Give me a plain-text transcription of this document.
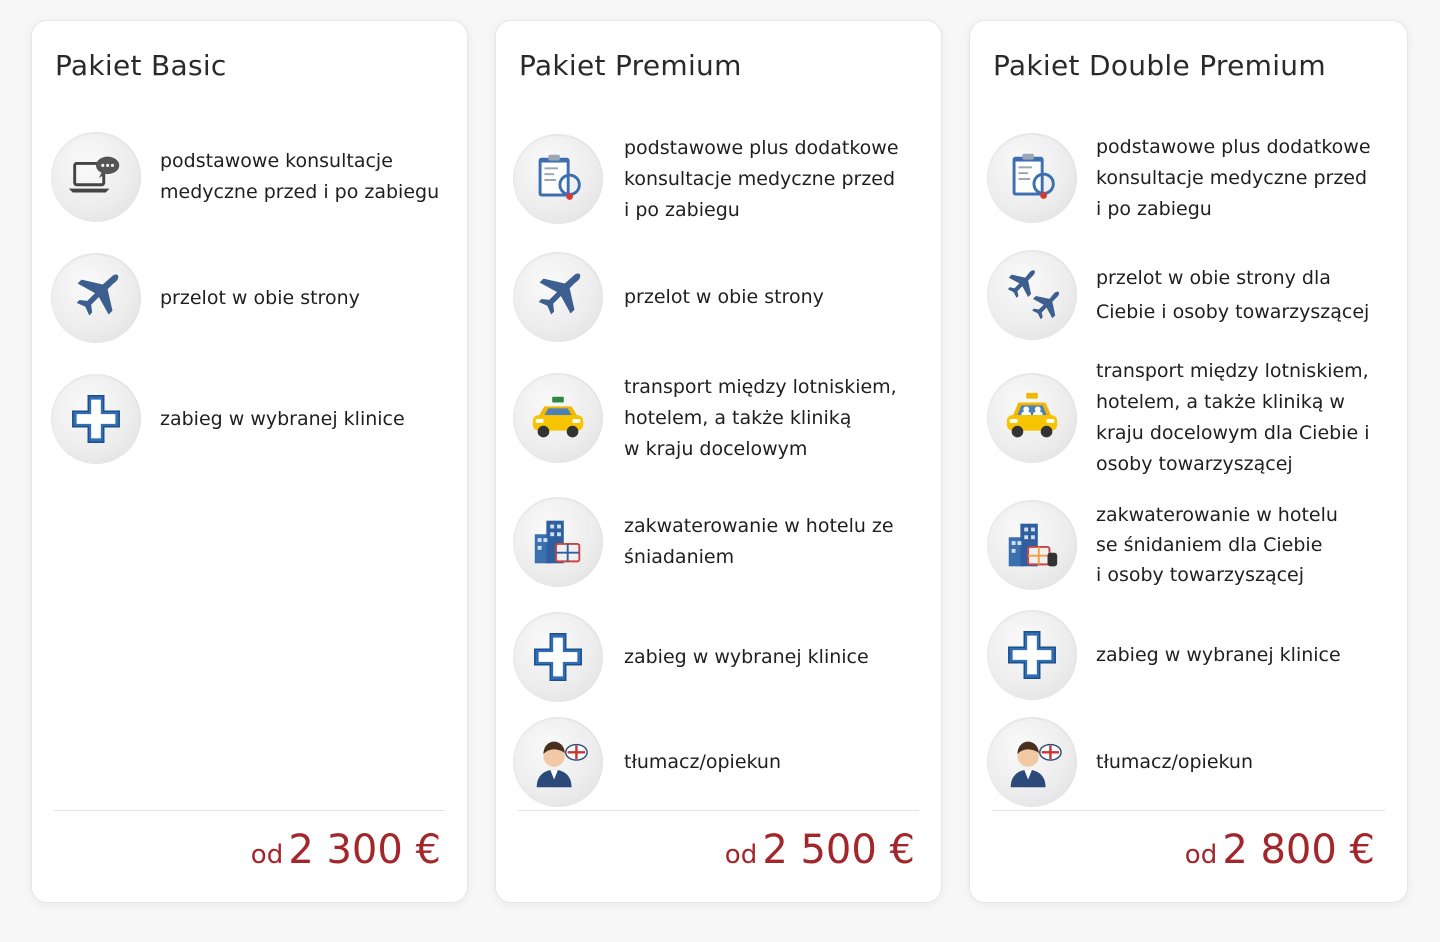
Pakiet Basic
podstawowe konsultacje
medyczne przed i po zabiegu
przelot w obie strony
zabieg w wybranej klinice
od 2 300 €
Pakiet Premium
podstawowe plus dodatkowe
konsultacje medyczne przed
i po zabiegu
przelot w obie strony
transport między lotniskiem,
hotelem, a także kliniką
w kraju docelowym
zakwaterowanie w hotelu ze
śniadaniem
zabieg w wybranej klinice
tłumacz/opiekun
od 2 500 €
Pakiet Double Premium
podstawowe plus dodatkowe
konsultacje medyczne przed
i po zabiegu
przelot w obie strony dla
Ciebie i osoby towarzyszącej
transport między lotniskiem,
hotelem, a także kliniką w
kraju docelowym dla Ciebie i
osoby towarzyszącej
zakwaterowanie w hotelu
se śnidaniem dla Ciebie
i osoby towarzyszącej
zabieg w wybranej klinice
tłumacz/opiekun
od 2 800 €
